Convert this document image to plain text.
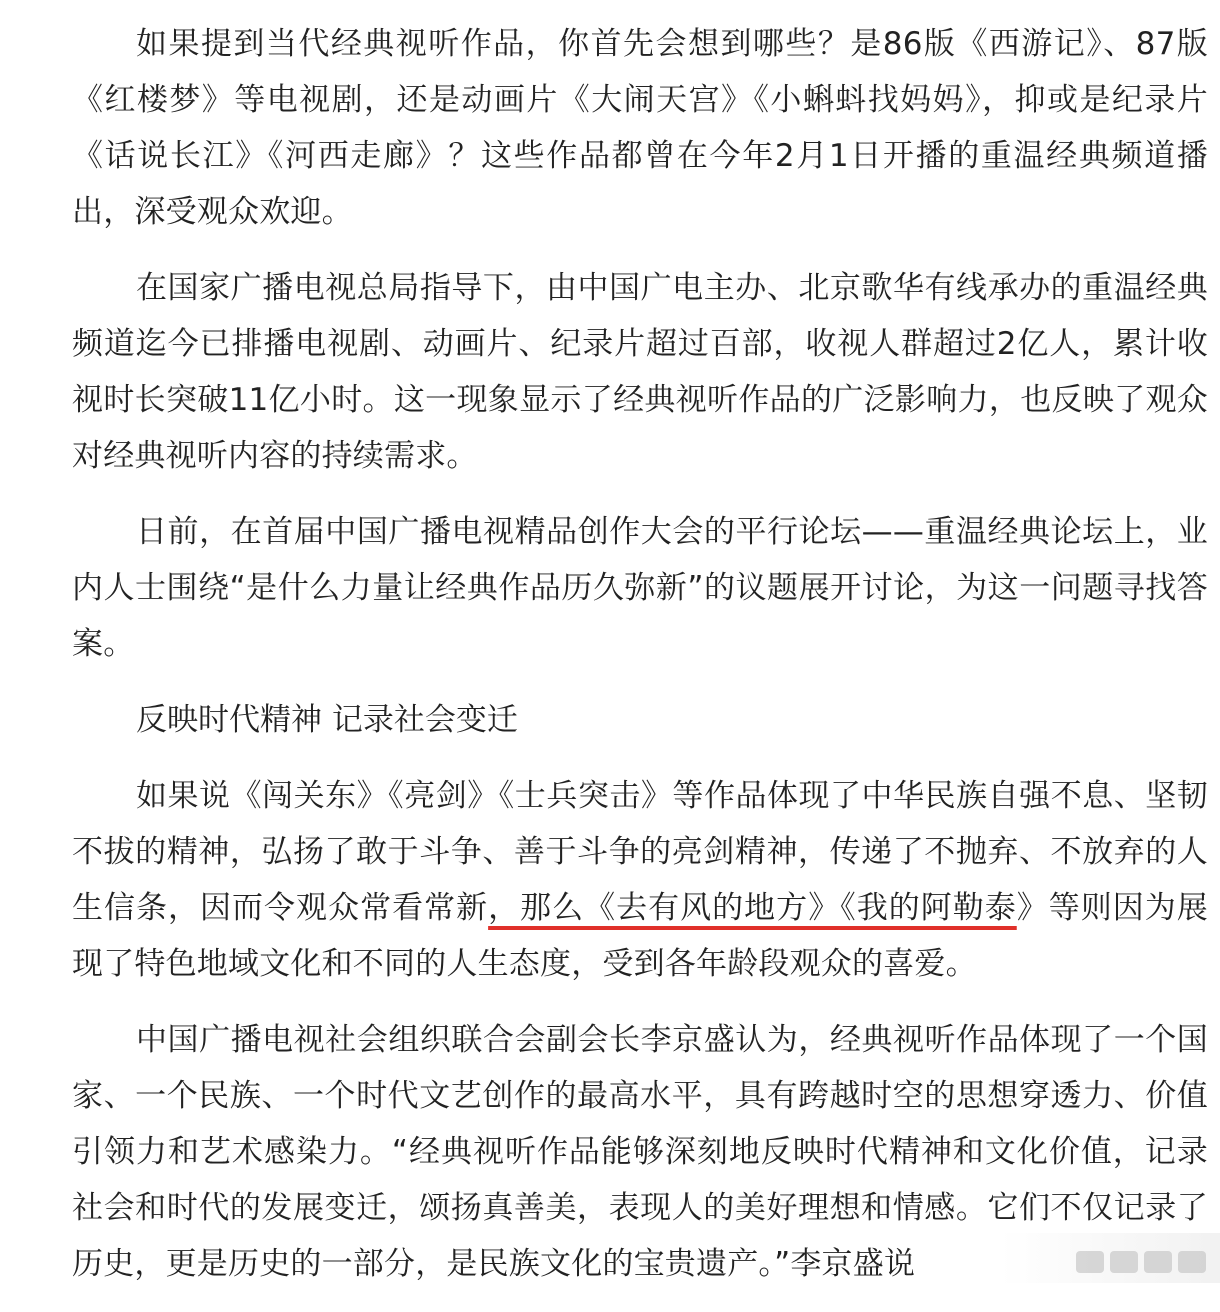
如果提到当代经典视听作品，你首先会想到哪些？是86版《西游记》、87版《红楼梦》等电视剧，还是动画片《大闹天宫》《小蝌蚪找妈妈》，抑或是纪录片《话说长江》《河西走廊》？这些作品都曾在今年2月1日开播的重温经典频道播出，深受观众欢迎。

在国家广播电视总局指导下，由中国广电主办、北京歌华有线承办的重温经典频道迄今已排播电视剧、动画片、纪录片超过百部，收视人群超过2亿人，累计收视时长突破11亿小时。这一现象显示了经典视听作品的广泛影响力，也反映了观众对经典视听内容的持续需求。

日前，在首届中国广播电视精品创作大会的平行论坛——重温经典论坛上，业内人士围绕“是什么力量让经典作品历久弥新”的议题展开讨论，为这一问题寻找答案。

反映时代精神 记录社会变迁

如果说《闯关东》《亮剑》《士兵突击》等作品体现了中华民族自强不息、坚韧不拔的精神，弘扬了敢于斗争、善于斗争的亮剑精神，传递了不抛弃、不放弃的人生信条，因而令观众常看常新，那么《去有风的地方》《我的阿勒泰》等则因为展现了特色地域文化和不同的人生态度，受到各年龄段观众的喜爱。

中国广播电视社会组织联合会副会长李京盛认为，经典视听作品体现了一个国家、一个民族、一个时代文艺创作的最高水平，具有跨越时空的思想穿透力、价值引领力和艺术感染力。“经典视听作品能够深刻地反映时代精神和文化价值，记录社会和时代的发展变迁，颂扬真善美，表现人的美好理想和情感。它们不仅记录了历史，更是历史的一部分，是民族文化的宝贵遗产。”李京盛说
